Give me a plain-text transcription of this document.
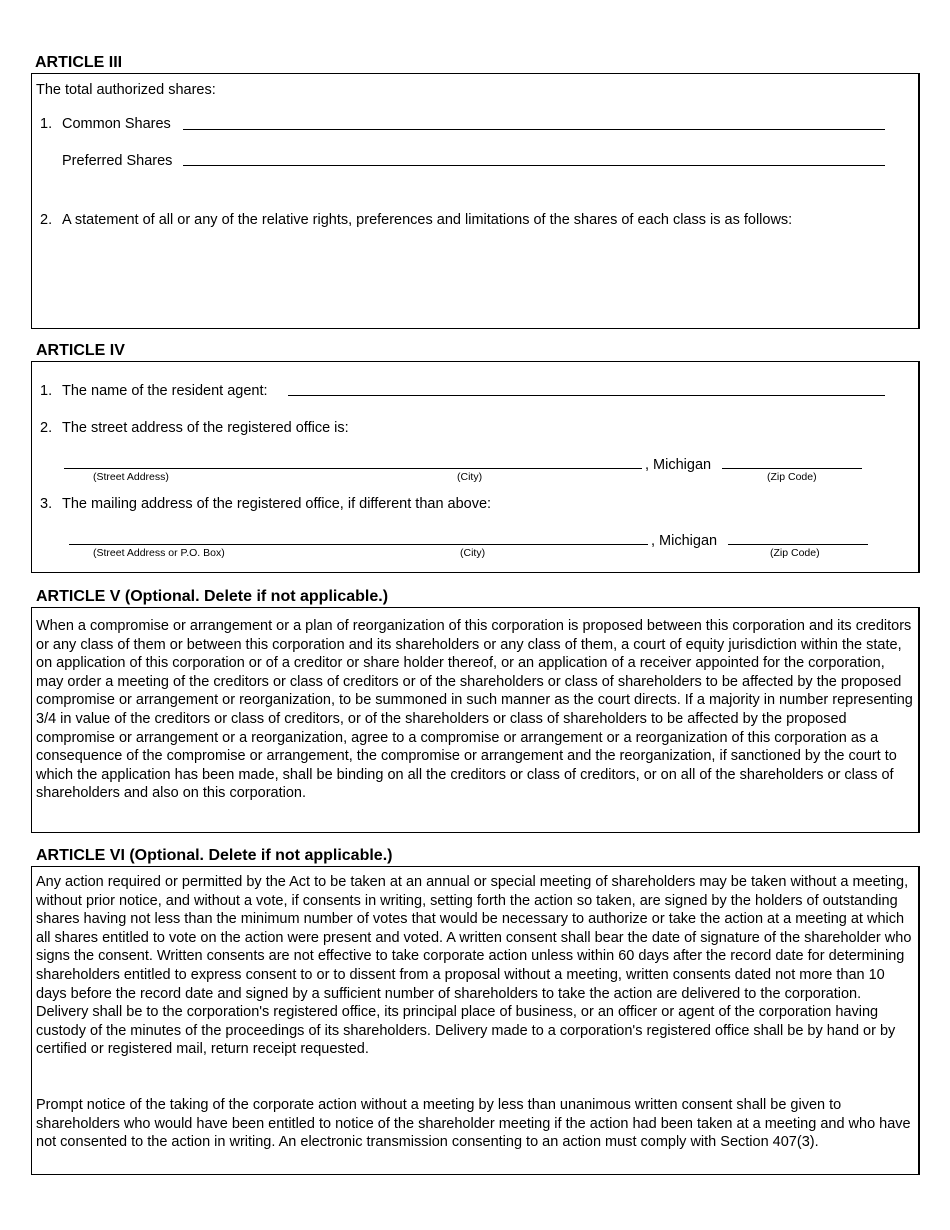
ARTICLE III
The total authorized shares:
1. Common Shares
Preferred Shares
2. A statement of all or any of the relative rights, preferences and limitations of the shares of each class is as follows:
ARTICLE IV
1. The name of the resident agent:
2. The street address of the registered office is:
, Michigan
(Street Address)	(City)	(Zip Code)
3. The mailing address of the registered office, if different than above:
, Michigan
(Street Address or P.O. Box)	(City)	(Zip Code)
ARTICLE V (Optional. Delete if not applicable.)
When a compromise or arrangement or a plan of reorganization of this corporation is proposed between this corporation and its creditors or any class of them or between this corporation and its shareholders or any class of them, a court of equity jurisdiction within the state, on application of this corporation or of a creditor or share holder thereof, or an application of a receiver appointed for the corporation, may order a meeting of the creditors or class of creditors or of the shareholders or class of shareholders to be affected by the proposed compromise or arrangement or reorganization, to be summoned in such manner as the court directs. If a majority in number representing 3/4 in value of the creditors or class of creditors, or of the shareholders or class of shareholders to be affected by the proposed compromise or arrangement or a reorganization, agree to a compromise or arrangement or a reorganization of this corporation as a consequence of the compromise or arrangement, the compromise or arrangement and the reorganization, if sanctioned by the court to which the application has been made, shall be binding on all the creditors or class of creditors, or on all of the shareholders or class of shareholders and also on this corporation.
ARTICLE VI (Optional. Delete if not applicable.)
Any action required or permitted by the Act to be taken at an annual or special meeting of shareholders may be taken without a meeting, without prior notice, and without a vote, if consents in writing, setting forth the action so taken, are signed by the holders of outstanding shares having not less than the minimum number of votes that would be necessary to authorize or take the action at a meeting at which all shares entitled to vote on the action were present and voted. A written consent shall bear the date of signature of the shareholder who signs the consent. Written consents are not effective to take corporate action unless within 60 days after the record date for determining shareholders entitled to express consent to or to dissent from a proposal without a meeting, written consents dated not more than 10 days before the record date and signed by a sufficient number of shareholders to take the action are delivered to the corporation. Delivery shall be to the corporation's registered office, its principal place of business, or an officer or agent of the corporation having custody of the minutes of the proceedings of its shareholders. Delivery made to a corporation's registered office shall be by hand or by certified or registered mail, return receipt requested.
Prompt notice of the taking of the corporate action without a meeting by less than unanimous written consent shall be given to shareholders who would have been entitled to notice of the shareholder meeting if the action had been taken at a meeting and who have not consented to the action in writing. An electronic transmission consenting to an action must comply with Section 407(3).
